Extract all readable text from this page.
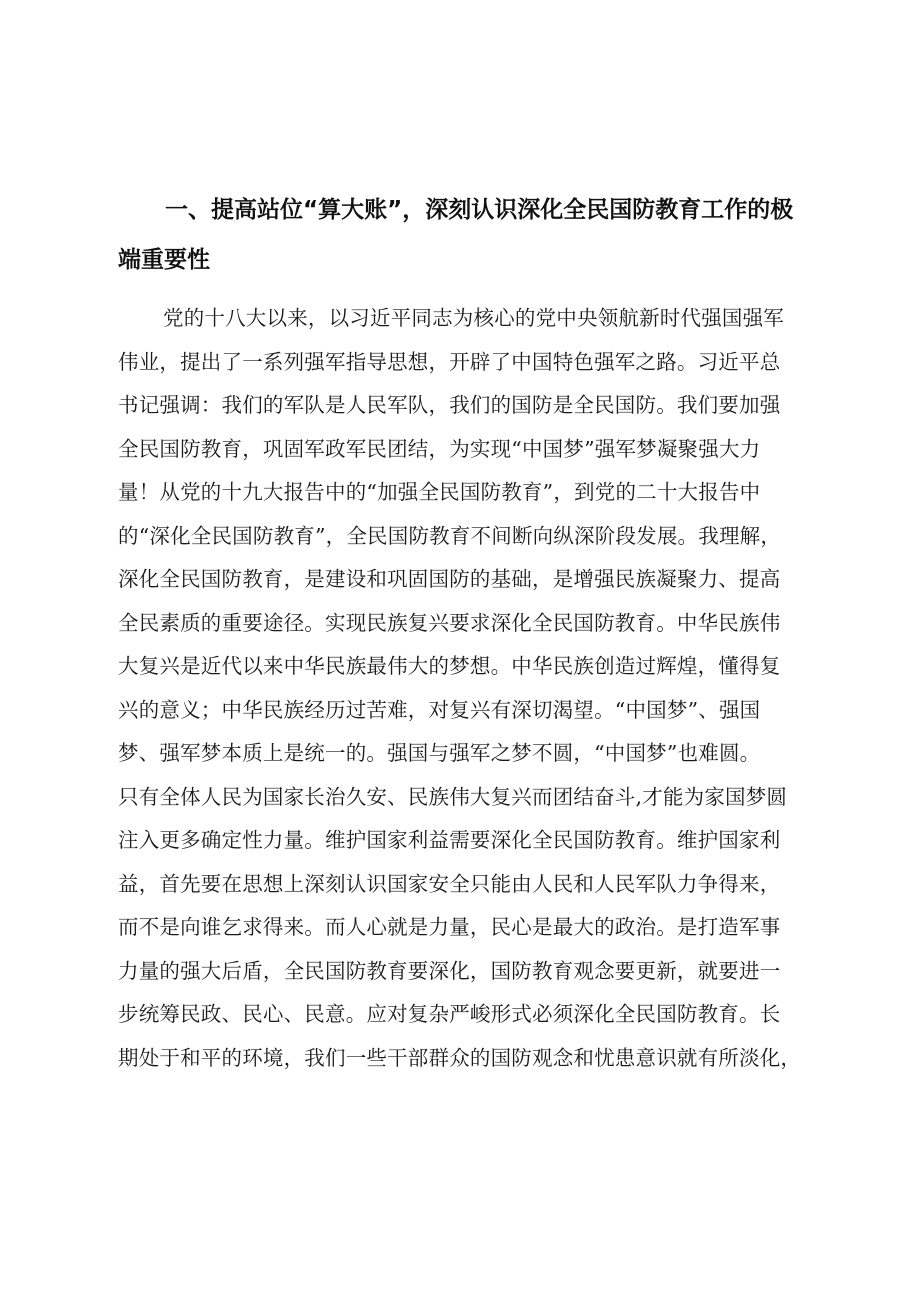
一、提高站位“算大账”，深刻认识深化全民国防教育工作的极
端重要性
党的十八大以来，以习近平同志为核心的党中央领航新时代强国强军
伟业，提出了一系列强军指导思想，开辟了中国特色强军之路。习近平总
书记强调：我们的军队是人民军队，我们的国防是全民国防。我们要加强
全民国防教育，巩固军政军民团结，为实现“中国梦”强军梦凝聚强大力
量！从党的十九大报告中的“加强全民国防教育”，到党的二十大报告中
的“深化全民国防教育”，全民国防教育不间断向纵深阶段发展。我理解，
深化全民国防教育，是建设和巩固国防的基础，是增强民族凝聚力、提高
全民素质的重要途径。实现民族复兴要求深化全民国防教育。中华民族伟
大复兴是近代以来中华民族最伟大的梦想。中华民族创造过辉煌，懂得复
兴的意义；中华民族经历过苦难，对复兴有深切渴望。“中国梦”、强国
梦、强军梦本质上是统一的。强国与强军之梦不圆，“中国梦”也难圆。
只有全体人民为国家长治久安、民族伟大复兴而团结奋斗,才能为家国梦圆
注入更多确定性力量。维护国家利益需要深化全民国防教育。维护国家利
益，首先要在思想上深刻认识国家安全只能由人民和人民军队力争得来，
而不是向谁乞求得来。而人心就是力量，民心是最大的政治。是打造军事
力量的强大后盾，全民国防教育要深化，国防教育观念要更新，就要进一
步统筹民政、民心、民意。应对复杂严峻形式必须深化全民国防教育。长
期处于和平的环境，我们一些干部群众的国防观念和忧患意识就有所淡化，
